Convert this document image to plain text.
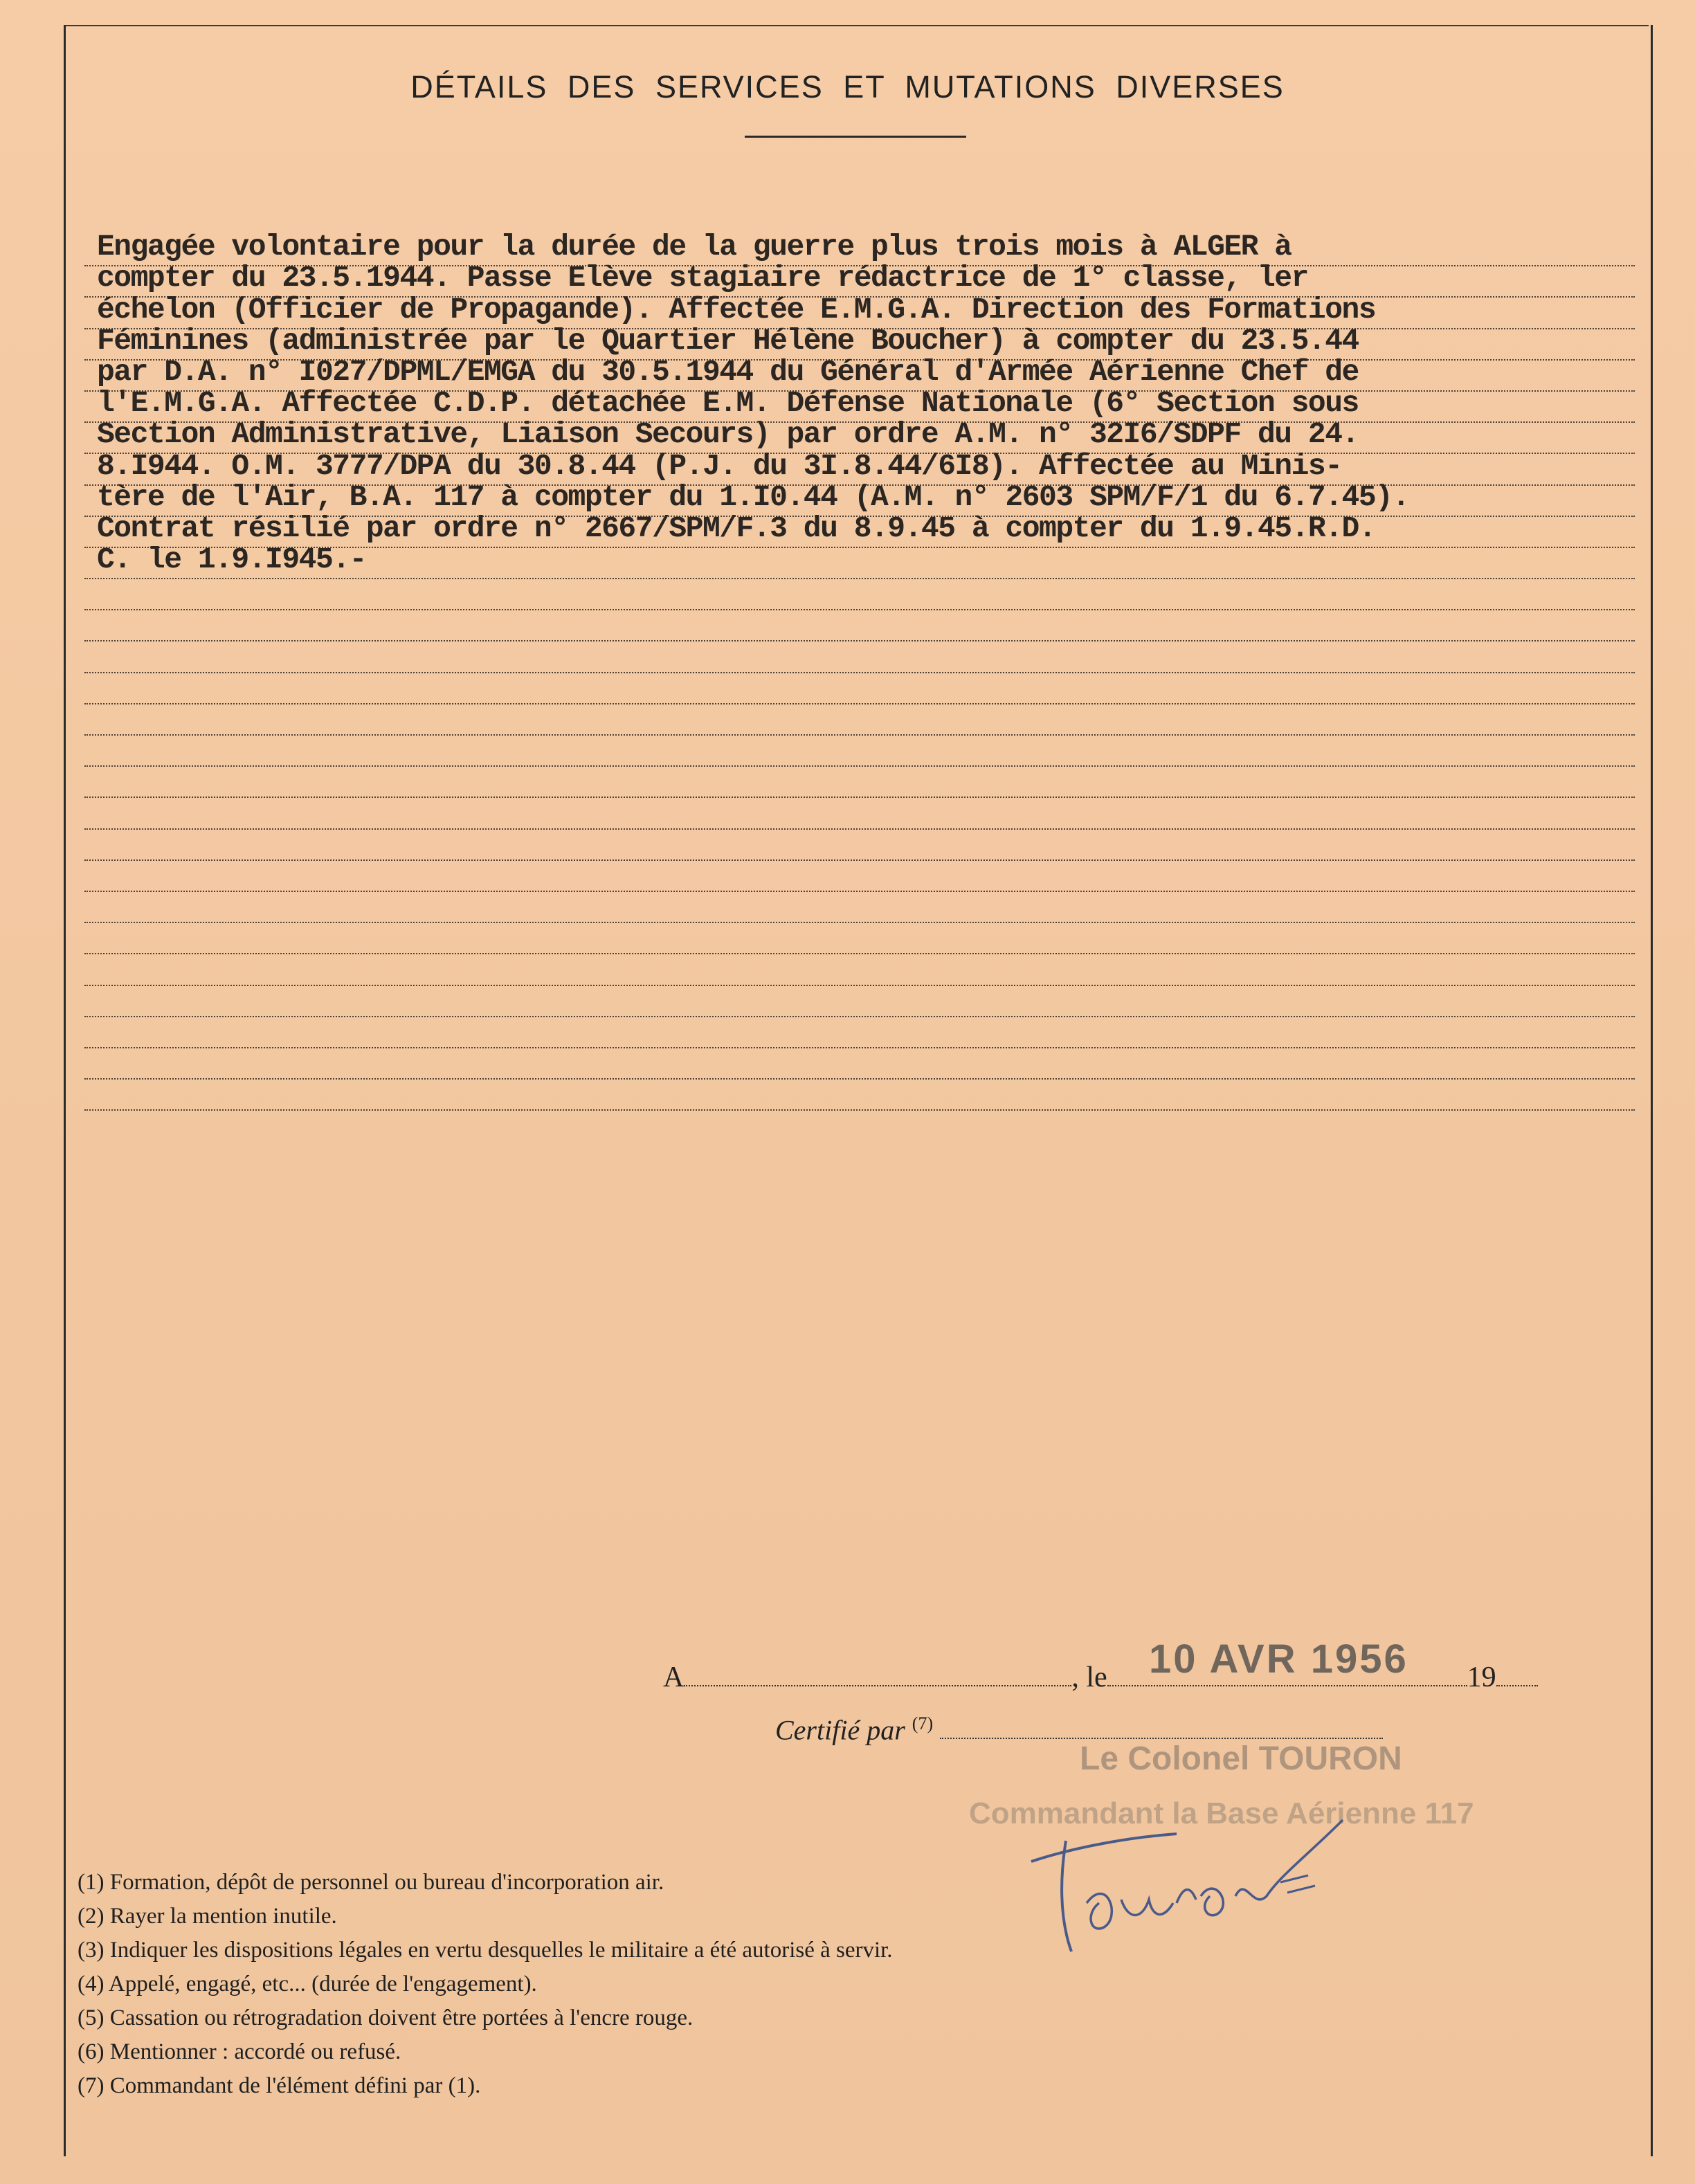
DÉTAILS DES SERVICES ET MUTATIONS DIVERSES
Engagée volontaire pour la durée de la guerre plus trois mois à ALGER à
compter du 23.5.1944. Passe Elève stagiaire rédactrice de 1° classe, ler
échelon (Officier de Propagande). Affectée E.M.G.A. Direction des Formations
Féminines (administrée par le Quartier Hélène Boucher) à compter du 23.5.44
par D.A. n° I027/DPML/EMGA du 30.5.1944 du Général d'Armée Aérienne Chef de
l'E.M.G.A. Affectée C.D.P. détachée E.M. Défense Nationale (6° Section sous
Section Administrative, Liaison Secours) par ordre A.M. n° 32I6/SDPF du 24.
8.I944. O.M. 3777/DPA du 30.8.44 (P.J. du 3I.8.44/6I8). Affectée au Minis-
tère de l'Air, B.A. 117 à compter du 1.I0.44 (A.M. n° 2603 SPM/F/1 du 6.7.45).
Contrat résilié par ordre n° 2667/SPM/F.3 du 8.9.45 à compter du 1.9.45.R.D.
C. le 1.9.I945.-
A	, le	19
10 AVR 1956
Certifié par $^{(7)}$
Le Colonel TOURON
Commandant la Base Aérienne 117
(1) Formation, dépôt de personnel ou bureau d'incorporation air.
(2) Rayer la mention inutile.
(3) Indiquer les dispositions légales en vertu desquelles le militaire a été autorisé à servir.
(4) Appelé, engagé, etc... (durée de l'engagement).
(5) Cassation ou rétrogradation doivent être portées à l'encre rouge.
(6) Mentionner : accordé ou refusé.
(7) Commandant de l'élément défini par (1).
